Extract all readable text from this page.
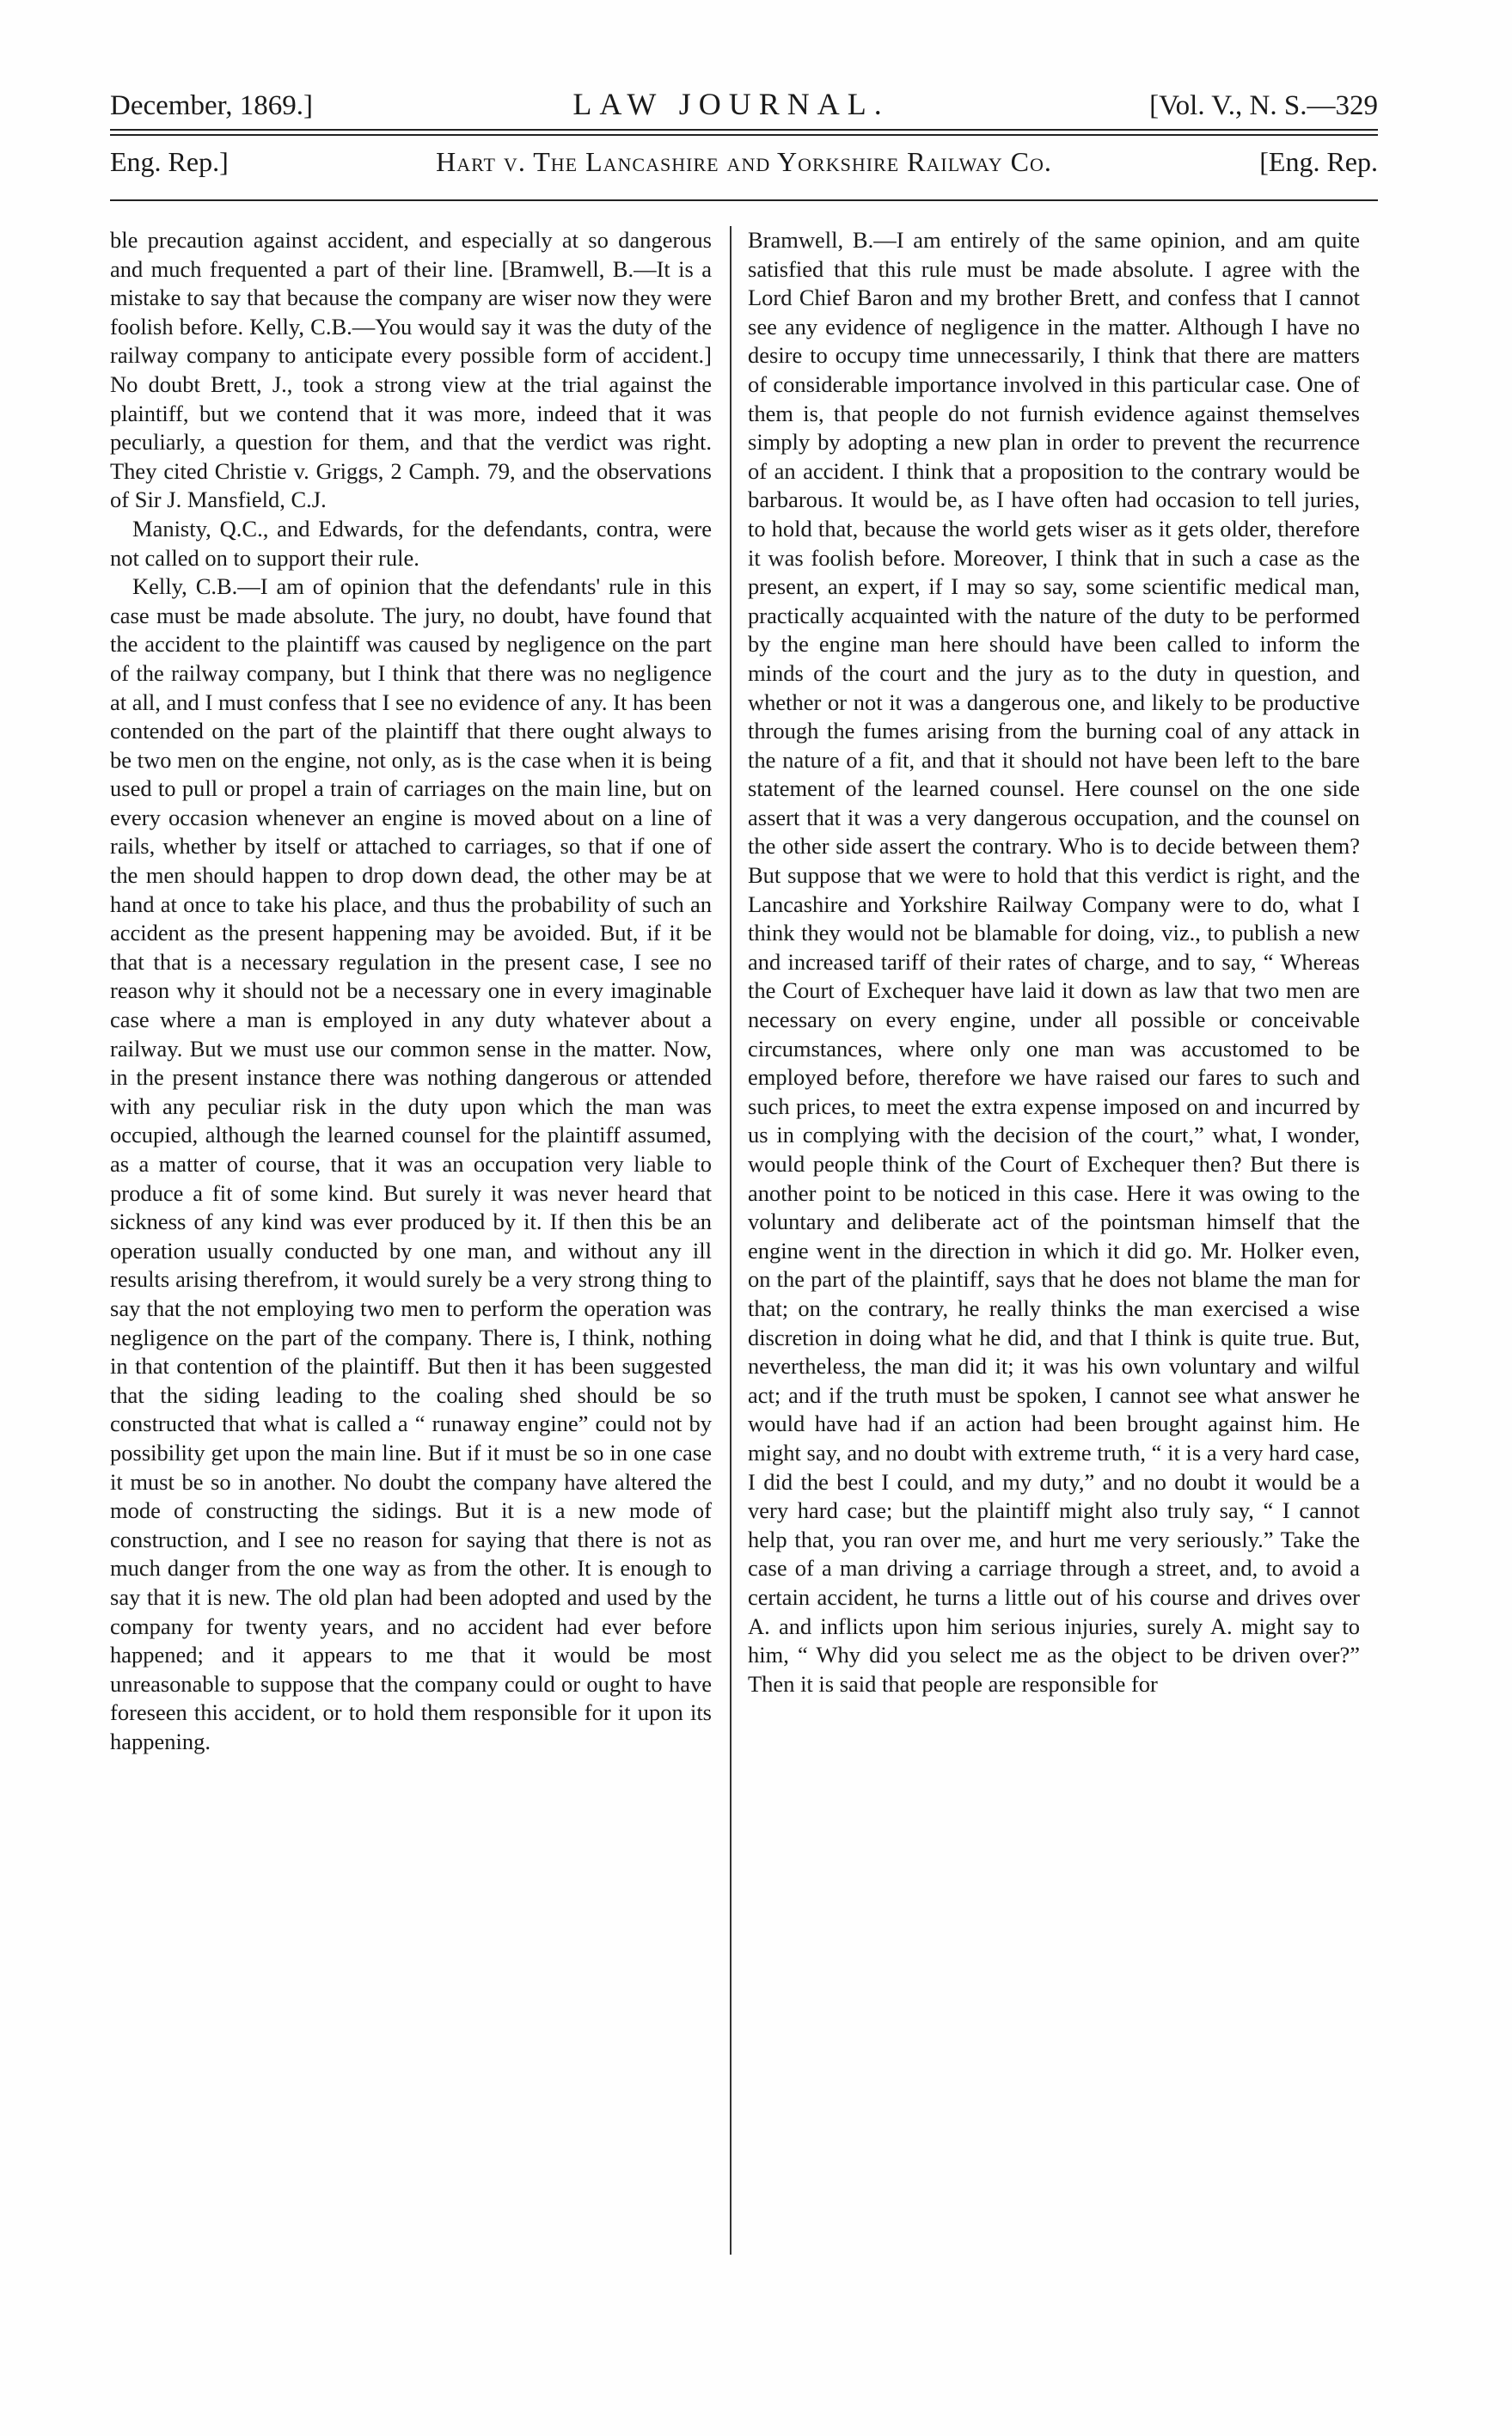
December, 1869.]	LAW JOURNAL.	[Vol. V., N. S.—329
Eng. Rep.]	Hart v. The Lancashire and Yorkshire Railway Co.	[Eng. Rep.

ble precaution against accident, and especially at so dangerous and much frequented a part of their line. [Bramwell, B.—It is a mistake to say that because the company are wiser now they were foolish before. Kelly, C.B.—You would say it was the duty of the railway company to anticipate every possible form of accident.] No doubt Brett, J., took a strong view at the trial against the plaintiff, but we contend that it was more, indeed that it was peculiarly, a question for them, and that the verdict was right. They cited Christie v. Griggs, 2 Camph. 79, and the observations of Sir J. Mansfield, C.J.

Manisty, Q.C., and Edwards, for the defendants, contra, were not called on to support their rule.

Kelly, C.B.—I am of opinion that the defendants' rule in this case must be made absolute. The jury, no doubt, have found that the accident to the plaintiff was caused by negligence on the part of the railway company, but I think that there was no negligence at all, and I must confess that I see no evidence of any. It has been contended on the part of the plaintiff that there ought always to be two men on the engine, not only, as is the case when it is being used to pull or propel a train of carriages on the main line, but on every occasion whenever an engine is moved about on a line of rails, whether by itself or attached to carriages, so that if one of the men should happen to drop down dead, the other may be at hand at once to take his place, and thus the probability of such an accident as the present happening may be avoided. But, if it be that that is a necessary regulation in the present case, I see no reason why it should not be a necessary one in every imaginable case where a man is employed in any duty whatever about a railway. But we must use our common sense in the matter. Now, in the present instance there was nothing dangerous or attended with any peculiar risk in the duty upon which the man was occupied, although the learned counsel for the plaintiff assumed, as a matter of course, that it was an occupation very liable to produce a fit of some kind. But surely it was never heard that sickness of any kind was ever produced by it. If then this be an operation usually conducted by one man, and without any ill results arising therefrom, it would surely be a very strong thing to say that the not employing two men to perform the operation was negligence on the part of the company. There is, I think, nothing in that contention of the plaintiff. But then it has been suggested that the siding leading to the coaling shed should be so constructed that what is called a “ runaway engine” could not by possibility get upon the main line. But if it must be so in one case it must be so in another. No doubt the company have altered the mode of constructing the sidings. But it is a new mode of construction, and I see no reason for saying that there is not as much danger from the one way as from the other. It is enough to say that it is new. The old plan had been adopted and used by the company for twenty years, and no accident had ever before happened; and it appears to me that it would be most unreasonable to suppose that the company could or ought to have foreseen this accident, or to hold them responsible for it upon its happening.

Bramwell, B.—I am entirely of the same opinion, and am quite satisfied that this rule must be made absolute. I agree with the Lord Chief Baron and my brother Brett, and confess that I cannot see any evidence of negligence in the matter. Although I have no desire to occupy time unnecessarily, I think that there are matters of considerable importance involved in this particular case. One of them is, that people do not furnish evidence against themselves simply by adopting a new plan in order to prevent the recurrence of an accident. I think that a proposition to the contrary would be barbarous. It would be, as I have often had occasion to tell juries, to hold that, because the world gets wiser as it gets older, therefore it was foolish before. Moreover, I think that in such a case as the present, an expert, if I may so say, some scientific medical man, practically acquainted with the nature of the duty to be performed by the engine man here should have been called to inform the minds of the court and the jury as to the duty in question, and whether or not it was a dangerous one, and likely to be productive through the fumes arising from the burning coal of any attack in the nature of a fit, and that it should not have been left to the bare statement of the learned counsel. Here counsel on the one side assert that it was a very dangerous occupation, and the counsel on the other side assert the contrary. Who is to decide between them? But suppose that we were to hold that this verdict is right, and the Lancashire and Yorkshire Railway Company were to do, what I think they would not be blamable for doing, viz., to publish a new and increased tariff of their rates of charge, and to say, “ Whereas the Court of Exchequer have laid it down as law that two men are necessary on every engine, under all possible or conceivable circumstances, where only one man was accustomed to be employed before, therefore we have raised our fares to such and such prices, to meet the extra expense imposed on and incurred by us in complying with the decision of the court,” what, I wonder, would people think of the Court of Exchequer then? But there is another point to be noticed in this case. Here it was owing to the voluntary and deliberate act of the pointsman himself that the engine went in the direction in which it did go. Mr. Holker even, on the part of the plaintiff, says that he does not blame the man for that; on the contrary, he really thinks the man exercised a wise discretion in doing what he did, and that I think is quite true. But, nevertheless, the man did it; it was his own voluntary and wilful act; and if the truth must be spoken, I cannot see what answer he would have had if an action had been brought against him. He might say, and no doubt with extreme truth, “ it is a very hard case, I did the best I could, and my duty,” and no doubt it would be a very hard case; but the plaintiff might also truly say, “ I cannot help that, you ran over me, and hurt me very seriously.” Take the case of a man driving a carriage through a street, and, to avoid a certain accident, he turns a little out of his course and drives over A. and inflicts upon him serious injuries, surely A. might say to him, “ Why did you select me as the object to be driven over?” Then it is said that people are responsible for
